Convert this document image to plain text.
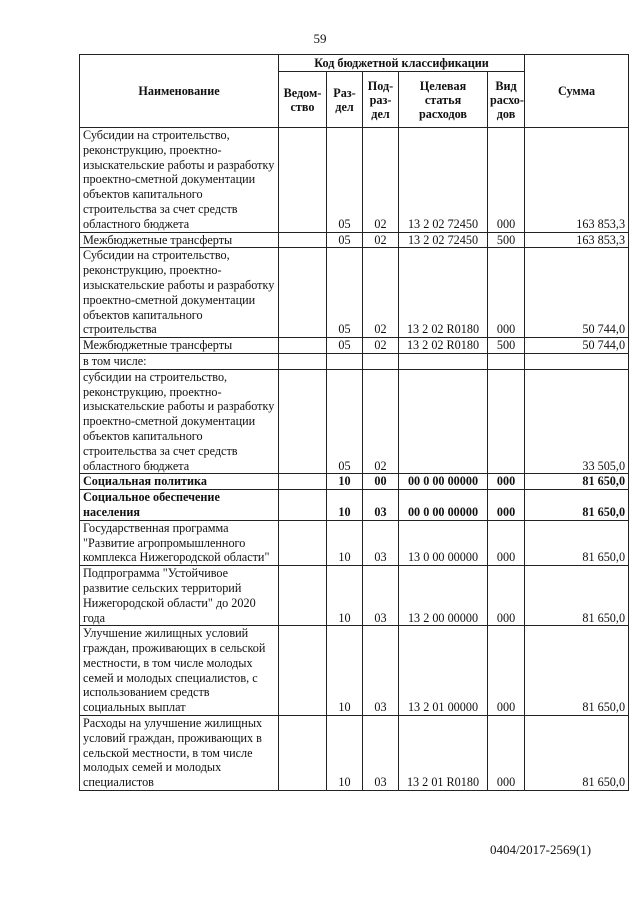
59
Наименование	Код бюджетной классификации					Сумма
	Ведом-ство	Раз-дел	Под-раз-дел	Целевая статья расходов	Вид расхо-дов	
Субсидии на строительство, реконструкцию, проектно-изыскательские работы и разработку проектно-сметной документации объектов капитального строительства за счет средств областного бюджета		05	02	13 2 02 72450	000	163 853,3
Межбюджетные трансферты		05	02	13 2 02 72450	500	163 853,3
Субсидии на строительство, реконструкцию, проектно-изыскательские работы и разработку проектно-сметной документации объектов капитального строительства		05	02	13 2 02 R0180	000	50 744,0
Межбюджетные трансферты		05	02	13 2 02 R0180	500	50 744,0
в том числе:						
субсидии на строительство, реконструкцию, проектно-изыскательские работы и разработку проектно-сметной документации объектов капитального строительства за счет средств областного бюджета		05	02			33 505,0
Социальная политика		10	00	00 0 00 00000	000	81 650,0
Социальное обеспечение населения		10	03	00 0 00 00000	000	81 650,0
Государственная программа "Развитие агропромышленного комплекса Нижегородской области"		10	03	13 0 00 00000	000	81 650,0
Подпрограмма "Устойчивое развитие сельских территорий Нижегородской области" до 2020 года		10	03	13 2 00 00000	000	81 650,0
Улучшение жилищных условий граждан, проживающих в сельской местности, в том числе молодых семей и молодых специалистов, с использованием средств социальных выплат		10	03	13 2 01 00000	000	81 650,0
Расходы на улучшение жилищных условий граждан, проживающих в сельской местности, в том числе молодых семей и молодых специалистов		10	03	13 2 01 R0180	000	81 650,0
0404/2017-2569(1)
